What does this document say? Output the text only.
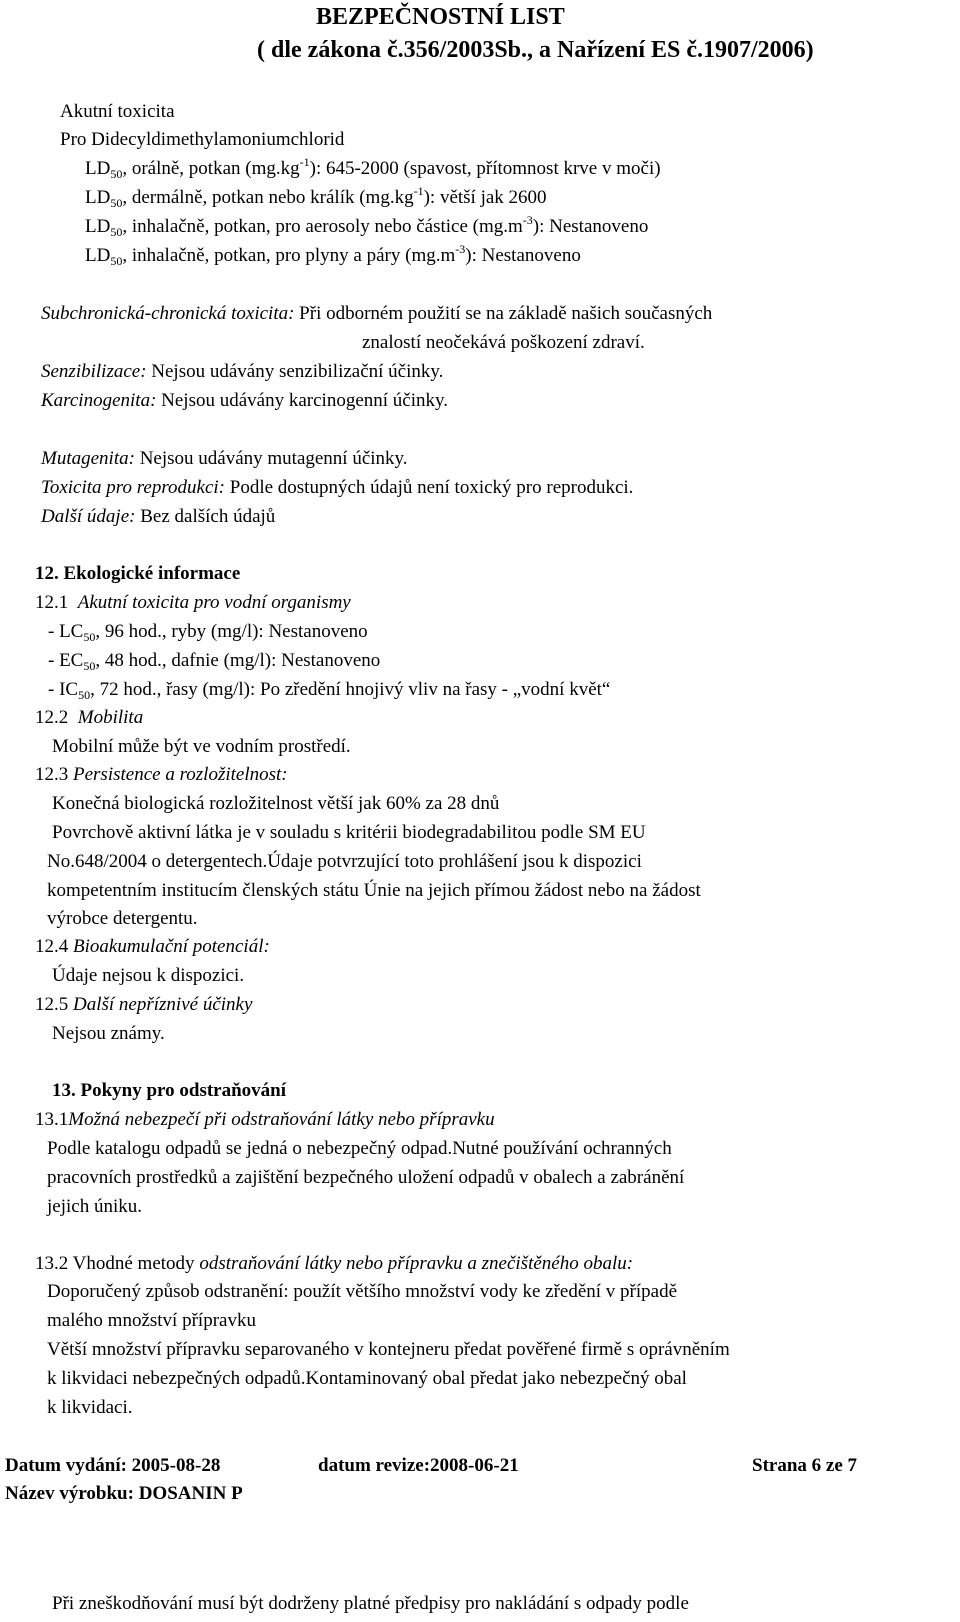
BEZPEČNOSTNÍ LIST
( dle zákona č.356/2003Sb., a Nařízení ES č.1907/2006)
Akutní toxicita
Pro Didecyldimethylamoniumchlorid
$LD_{50}$, orálně, potkan $(mg.kg^{-1})$: 645-2000 (spavost, přítomnost krve v moči)
$LD_{50}$, dermálně, potkan nebo králík $(mg.kg^{-1})$: větší jak 2600
$LD_{50}$, inhalačně, potkan, pro aerosoly nebo částice $(mg.m^{-3})$: Nestanoveno
$LD_{50}$, inhalačně, potkan, pro plyny a páry $(mg.m^{-3})$: Nestanoveno
Subchronická-chronická toxicita: Při odborném použití se na základě našich současných
znalostí neočekává poškození zdraví.
Senzibilizace: Nejsou udávány senzibilizační účinky.
Karcinogenita: Nejsou udávány karcinogenní účinky.
Mutagenita: Nejsou udávány mutagenní účinky.
Toxicita pro reprodukci: Podle dostupných údajů není toxický pro reprodukci.
Další údaje: Bez dalších údajů
12. Ekologické informace
12.1 Akutní toxicita pro vodní organismy
- $LC_{50}$, 96 hod., ryby (mg/l): Nestanoveno
- $EC_{50}$, 48 hod., dafnie (mg/l): Nestanoveno
- $IC_{50}$, 72 hod., řasy (mg/l): Po zředění hnojivý vliv na řasy - „vodní květ“
12.2 Mobilita
Mobilní může být ve vodním prostředí.
12.3 Persistence a rozložitelnost:
Konečná biologická rozložitelnost větší jak 60% za 28 dnů
Povrchově aktivní látka je v souladu s kritérii biodegradabilitou podle SM EU
No.648/2004 o detergentech.Údaje potvrzující toto prohlášení jsou k dispozici
kompetentním institucím členských státu Únie na jejich přímou žádost nebo na žádost
výrobce detergentu.
12.4 Bioakumulační potenciál:
Údaje nejsou k dispozici.
12.5 Další nepříznivé účinky
Nejsou známy.
13. Pokyny pro odstraňování
13.1Možná nebezpečí při odstraňování látky nebo přípravku
Podle katalogu odpadů se jedná o nebezpečný odpad.Nutné používání ochranných
pracovních prostředků a zajištění bezpečného uložení odpadů v obalech a zabránění
jejich úniku.
13.2 Vhodné metody odstraňování látky nebo přípravku a znečištěného obalu:
Doporučený způsob odstranění: použít většího množství vody ke zředění v případě
malého množství přípravku
Větší množství přípravku separovaného v kontejneru předat pověřené firmě s oprávněním
k likvidaci nebezpečných odpadů.Kontaminovaný obal předat jako nebezpečný obal
k likvidaci.
Datum vydání: 2005-08-28	datum revize:2008-06-21	Strana 6 ze 7
Název výrobku: DOSANIN P
Při zneškodňování musí být dodrženy platné předpisy pro nakládání s odpady podle
